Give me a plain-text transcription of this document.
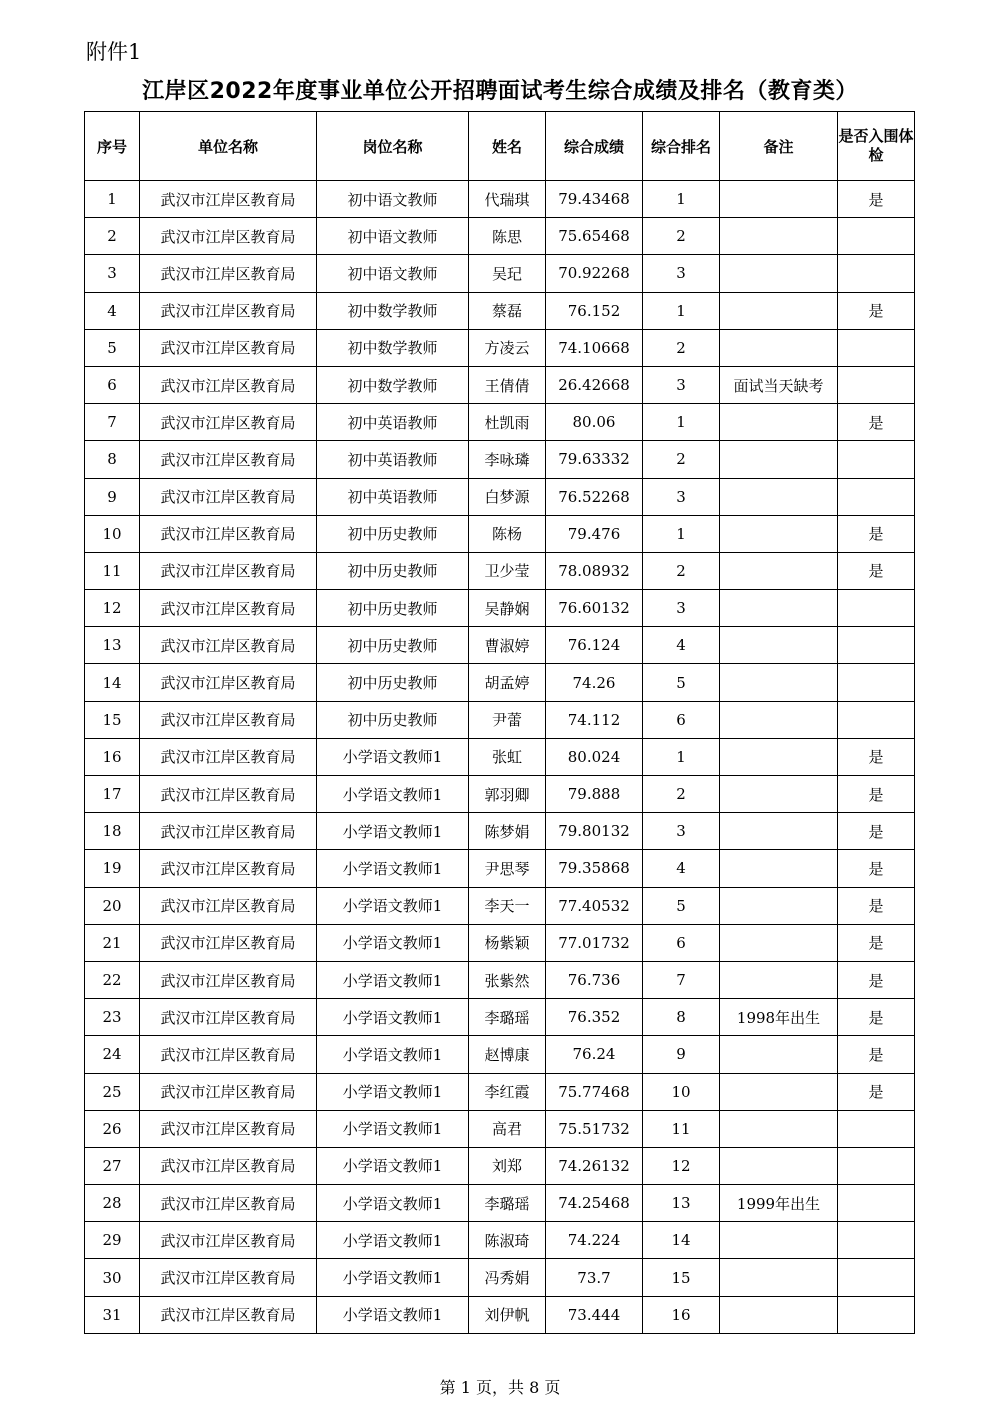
附件1
江岸区2022年度事业单位公开招聘面试考生综合成绩及排名（教育类）
序号	单位名称	岗位名称	姓名	综合成绩	综合排名	备注	是否入围体检
1	武汉市江岸区教育局	初中语文教师	代瑞琪	79.43468	1		是
2	武汉市江岸区教育局	初中语文教师	陈思	75.65468	2		
3	武汉市江岸区教育局	初中语文教师	吴玘	70.92268	3		
4	武汉市江岸区教育局	初中数学教师	蔡磊	76.152	1		是
5	武汉市江岸区教育局	初中数学教师	方凌云	74.10668	2		
6	武汉市江岸区教育局	初中数学教师	王倩倩	26.42668	3	面试当天缺考	
7	武汉市江岸区教育局	初中英语教师	杜凯雨	80.06	1		是
8	武汉市江岸区教育局	初中英语教师	李咏璘	79.63332	2		
9	武汉市江岸区教育局	初中英语教师	白梦源	76.52268	3		
10	武汉市江岸区教育局	初中历史教师	陈杨	79.476	1		是
11	武汉市江岸区教育局	初中历史教师	卫少莹	78.08932	2		是
12	武汉市江岸区教育局	初中历史教师	吴静娴	76.60132	3		
13	武汉市江岸区教育局	初中历史教师	曹淑婷	76.124	4		
14	武汉市江岸区教育局	初中历史教师	胡孟婷	74.26	5		
15	武汉市江岸区教育局	初中历史教师	尹蕾	74.112	6		
16	武汉市江岸区教育局	小学语文教师1	张虹	80.024	1		是
17	武汉市江岸区教育局	小学语文教师1	郭羽卿	79.888	2		是
18	武汉市江岸区教育局	小学语文教师1	陈梦娟	79.80132	3		是
19	武汉市江岸区教育局	小学语文教师1	尹思琴	79.35868	4		是
20	武汉市江岸区教育局	小学语文教师1	李天一	77.40532	5		是
21	武汉市江岸区教育局	小学语文教师1	杨紫颖	77.01732	6		是
22	武汉市江岸区教育局	小学语文教师1	张紫然	76.736	7		是
23	武汉市江岸区教育局	小学语文教师1	李璐瑶	76.352	8	1998年出生	是
24	武汉市江岸区教育局	小学语文教师1	赵博康	76.24	9		是
25	武汉市江岸区教育局	小学语文教师1	李红霞	75.77468	10		是
26	武汉市江岸区教育局	小学语文教师1	高君	75.51732	11		
27	武汉市江岸区教育局	小学语文教师1	刘郑	74.26132	12		
28	武汉市江岸区教育局	小学语文教师1	李璐瑶	74.25468	13	1999年出生	
29	武汉市江岸区教育局	小学语文教师1	陈淑琦	74.224	14		
30	武汉市江岸区教育局	小学语文教师1	冯秀娟	73.7	15		
31	武汉市江岸区教育局	小学语文教师1	刘伊帆	73.444	16		
第 1 页，共 8 页
